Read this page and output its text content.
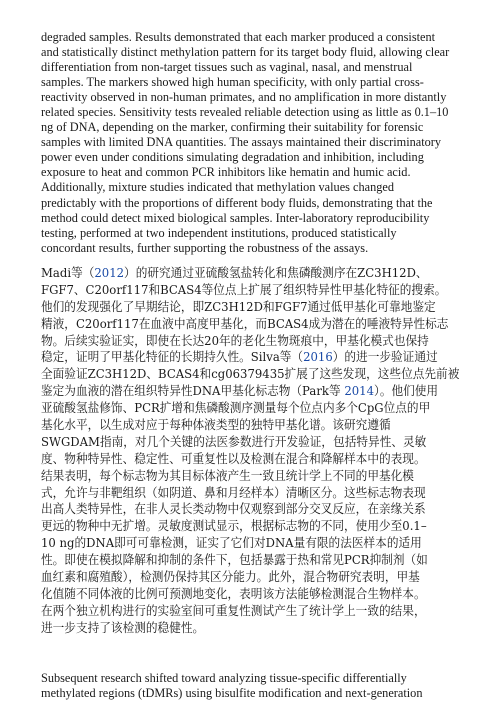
degraded samples. Results demonstrated that each marker produced a consistent
and statistically distinct methylation pattern for its target body fluid, allowing clear
differentiation from non-target tissues such as vaginal, nasal, and menstrual
samples. The markers showed high human specificity, with only partial cross-
reactivity observed in non-human primates, and no amplification in more distantly
related species. Sensitivity tests revealed reliable detection using as little as 0.1–10
ng of DNA, depending on the marker, confirming their suitability for forensic
samples with limited DNA quantities. The assays maintained their discriminatory
power even under conditions simulating degradation and inhibition, including
exposure to heat and common PCR inhibitors like hematin and humic acid.
Additionally, mixture studies indicated that methylation values changed
predictably with the proportions of different body fluids, demonstrating that the
method could detect mixed biological samples. Inter-laboratory reproducibility
testing, performed at two independent institutions, produced statistically
concordant results, further supporting the robustness of the assays.

Madi等（2012）的研究通过亚硫酸氢盐转化和焦磷酸测序在ZC3H12D、
FGF7、C20orf117和BCAS4等位点上扩展了组织特异性甲基化特征的搜索。
他们的发现强化了早期结论，即ZC3H12D和FGF7通过低甲基化可靠地鉴定
精液，C20orf117在血液中高度甲基化，而BCAS4成为潜在的唾液特异性标志
物。后续实验证实，即使在长达20年的老化生物斑痕中，甲基化模式也保持
稳定，证明了甲基化特征的长期持久性。Silva等（2016）的进一步验证通过
全面验证ZC3H12D、BCAS4和cg06379435扩展了这些发现，这些位点先前被
鉴定为血液的潜在组织特异性DNA甲基化标志物（Park等 2014）。他们使用
亚硫酸氢盐修饰、PCR扩增和焦磷酸测序测量每个位点内多个CpG位点的甲
基化水平，以生成对应于每种体液类型的独特甲基化谱。该研究遵循
SWGDAM指南，对几个关键的法医参数进行开发验证，包括特异性、灵敏
度、物种特异性、稳定性、可重复性以及检测在混合和降解样本中的表现。
结果表明，每个标志物为其目标体液产生一致且统计学上不同的甲基化模
式，允许与非靶组织（如阴道、鼻和月经样本）清晰区分。这些标志物表现
出高人类特异性，在非人灵长类动物中仅观察到部分交叉反应，在亲缘关系
更远的物种中无扩增。灵敏度测试显示，根据标志物的不同，使用少至0.1–
10 ng的DNA即可可靠检测，证实了它们对DNA量有限的法医样本的适用
性。即使在模拟降解和抑制的条件下，包括暴露于热和常见PCR抑制剂（如
血红素和腐殖酸），检测仍保持其区分能力。此外，混合物研究表明，甲基
化值随不同体液的比例可预测地变化，表明该方法能够检测混合生物样本。
在两个独立机构进行的实验室间可重复性测试产生了统计学上一致的结果，
进一步支持了该检测的稳健性。

Subsequent research shifted toward analyzing tissue-specific differentially
methylated regions (tDMRs) using bisulfite modification and next-generation
